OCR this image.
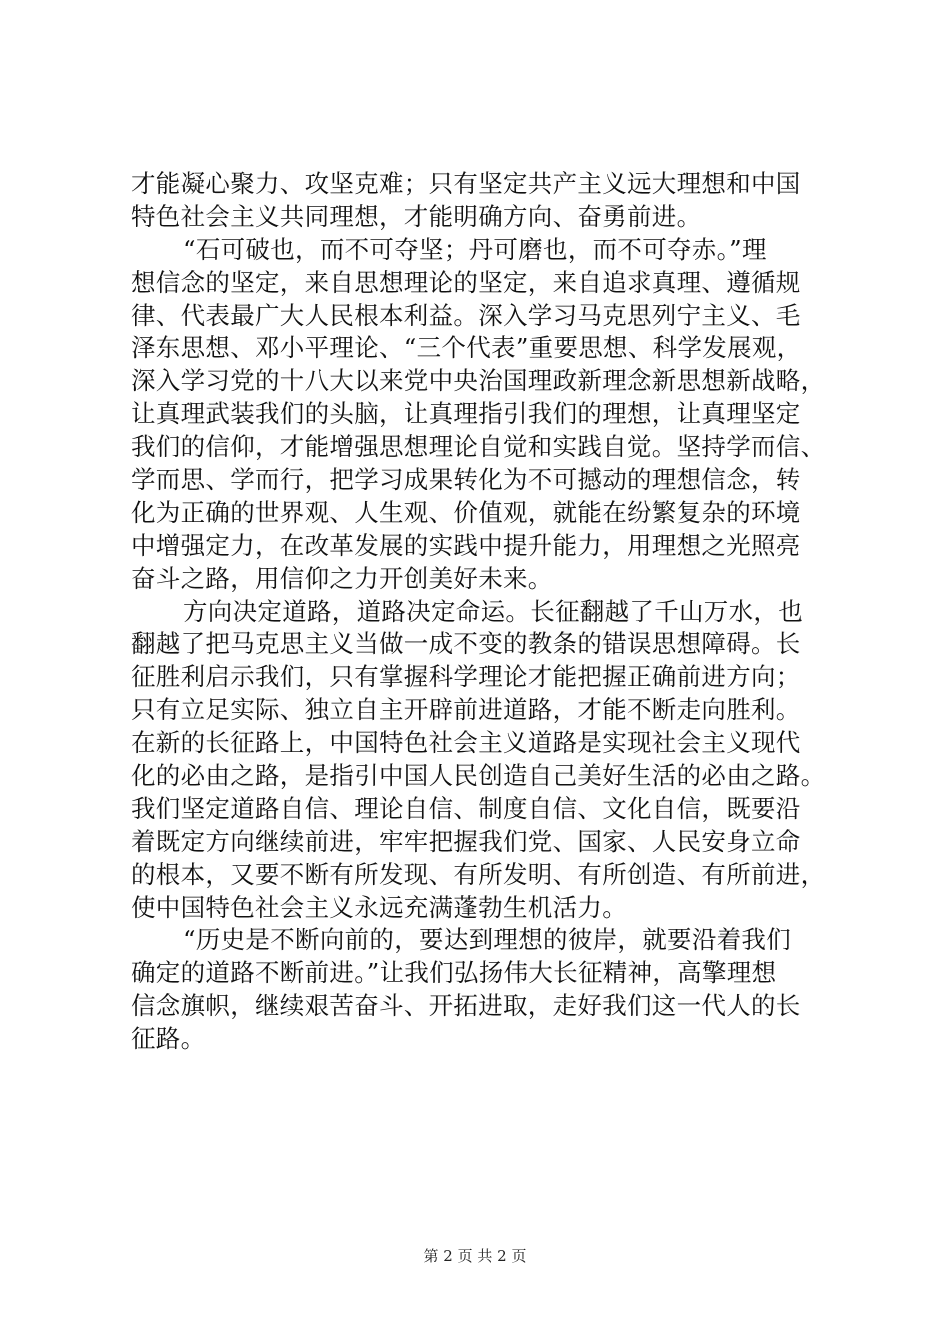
才能凝心聚力、攻坚克难；只有坚定共产主义远大理想和中国
特色社会主义共同理想，才能明确方向、奋勇前进。
“石可破也，而不可夺坚；丹可磨也，而不可夺赤。”理
想信念的坚定，来自思想理论的坚定，来自追求真理、遵循规
律、代表最广大人民根本利益。深入学习马克思列宁主义、毛
泽东思想、邓小平理论、“三个代表”重要思想、科学发展观，
深入学习党的十八大以来党中央治国理政新理念新思想新战略，
让真理武装我们的头脑，让真理指引我们的理想，让真理坚定
我们的信仰，才能增强思想理论自觉和实践自觉。坚持学而信、
学而思、学而行，把学习成果转化为不可撼动的理想信念，转
化为正确的世界观、人生观、价值观，就能在纷繁复杂的环境
中增强定力，在改革发展的实践中提升能力，用理想之光照亮
奋斗之路，用信仰之力开创美好未来。
方向决定道路，道路决定命运。长征翻越了千山万水，也
翻越了把马克思主义当做一成不变的教条的错误思想障碍。长
征胜利启示我们，只有掌握科学理论才能把握正确前进方向；
只有立足实际、独立自主开辟前进道路，才能不断走向胜利。
在新的长征路上，中国特色社会主义道路是实现社会主义现代
化的必由之路，是指引中国人民创造自己美好生活的必由之路。
我们坚定道路自信、理论自信、制度自信、文化自信，既要沿
着既定方向继续前进，牢牢把握我们党、国家、人民安身立命
的根本，又要不断有所发现、有所发明、有所创造、有所前进，
使中国特色社会主义永远充满蓬勃生机活力。
“历史是不断向前的，要达到理想的彼岸，就要沿着我们
确定的道路不断前进。”让我们弘扬伟大长征精神，高擎理想
信念旗帜，继续艰苦奋斗、开拓进取，走好我们这一代人的长
征路。
第 2 页 共 2 页
